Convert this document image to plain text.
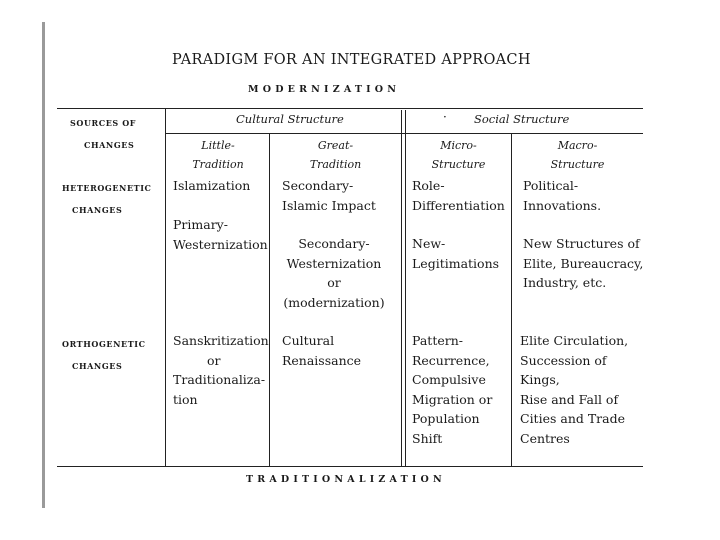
PARADIGM FOR AN INTEGRATED APPROACH
MODERNIZATION
SOURCES OF
CHANGES
Cultural Structure	· Social Structure
Little-
Tradition
Great-
Tradition
Micro-
Structure
Macro-
Structure
HETEROGENETIC
CHANGES
Islamization
Primary-
Westernization
Secondary-
Islamic Impact
Secondary-
Westernization
or
(modernization)
Role-
Differentiation
New-
Legitimations
Political-
Innovations.
New Structures of
Elite, Bureaucracy,
Industry, etc.
ORTHOGENETIC
CHANGES
Sanskritization
or
Traditionaliza-
tion
Cultural
Renaissance
Pattern-
Recurrence,
Compulsive
Migration or
Population
Shift
Elite Circulation,
Succession of
Kings,
Rise and Fall of
Cities and Trade
Centres
TRADITIONALIZATION
